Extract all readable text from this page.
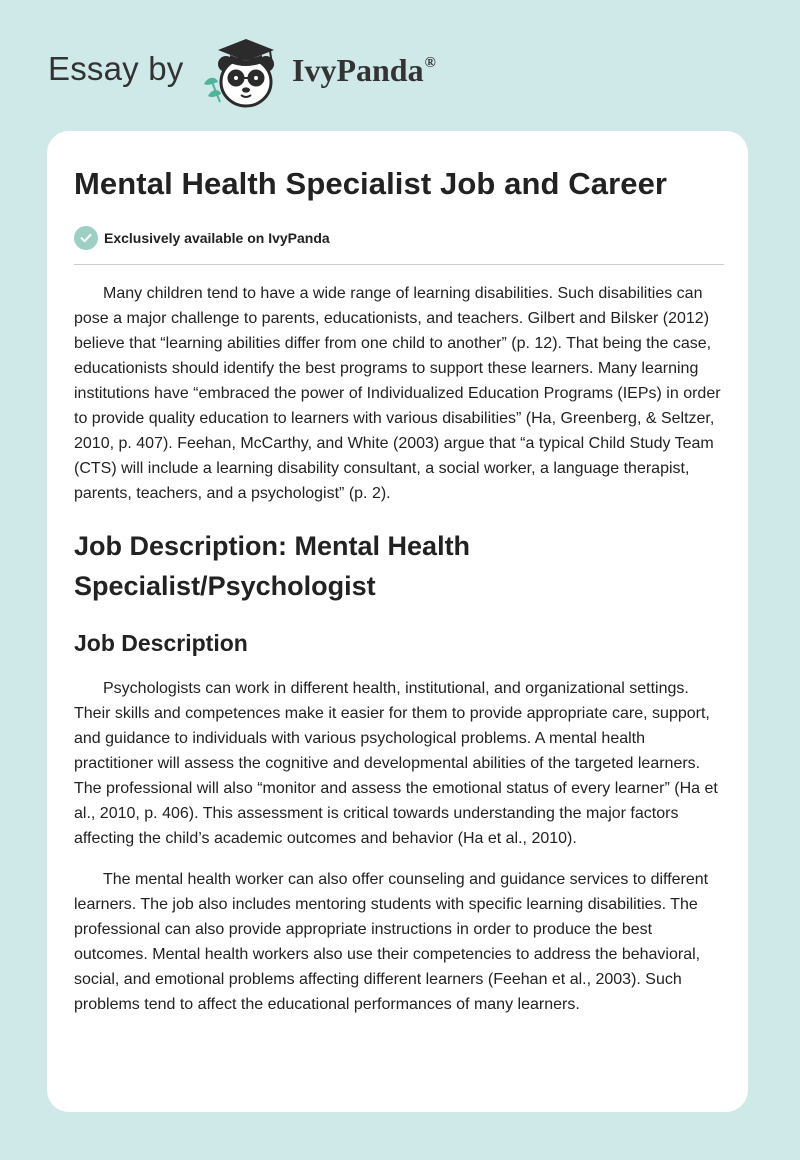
Essay by	IvyPanda®
Mental Health Specialist Job and Career
Exclusively available on IvyPanda

Many children tend to have a wide range of learning disabilities. Such disabilities can pose a major challenge to parents, educationists, and teachers. Gilbert and Bilsker (2012) believe that “learning abilities differ from one child to another” (p. 12). That being the case, educationists should identify the best programs to support these learners. Many learning institutions have “embraced the power of Individualized Education Programs (IEPs) in order to provide quality education to learners with various disabilities” (Ha, Greenberg, & Seltzer, 2010, p. 407). Feehan, McCarthy, and White (2003) argue that “a typical Child Study Team (CTS) will include a learning disability consultant, a social worker, a language therapist, parents, teachers, and a psychologist” (p. 2).

Job Description: Mental Health Specialist/Psychologist
Job Description

Psychologists can work in different health, institutional, and organizational settings. Their skills and competences make it easier for them to provide appropriate care, support, and guidance to individuals with various psychological problems. A mental health practitioner will assess the cognitive and developmental abilities of the targeted learners. The professional will also “monitor and assess the emotional status of every learner” (Ha et al., 2010, p. 406). This assessment is critical towards understanding the major factors affecting the child’s academic outcomes and behavior (Ha et al., 2010).

The mental health worker can also offer counseling and guidance services to different learners. The job also includes mentoring students with specific learning disabilities. The professional can also provide appropriate instructions in order to produce the best outcomes. Mental health workers also use their competencies to address the behavioral, social, and emotional problems affecting different learners (Feehan et al., 2003). Such problems tend to affect the educational performances of many learners.
